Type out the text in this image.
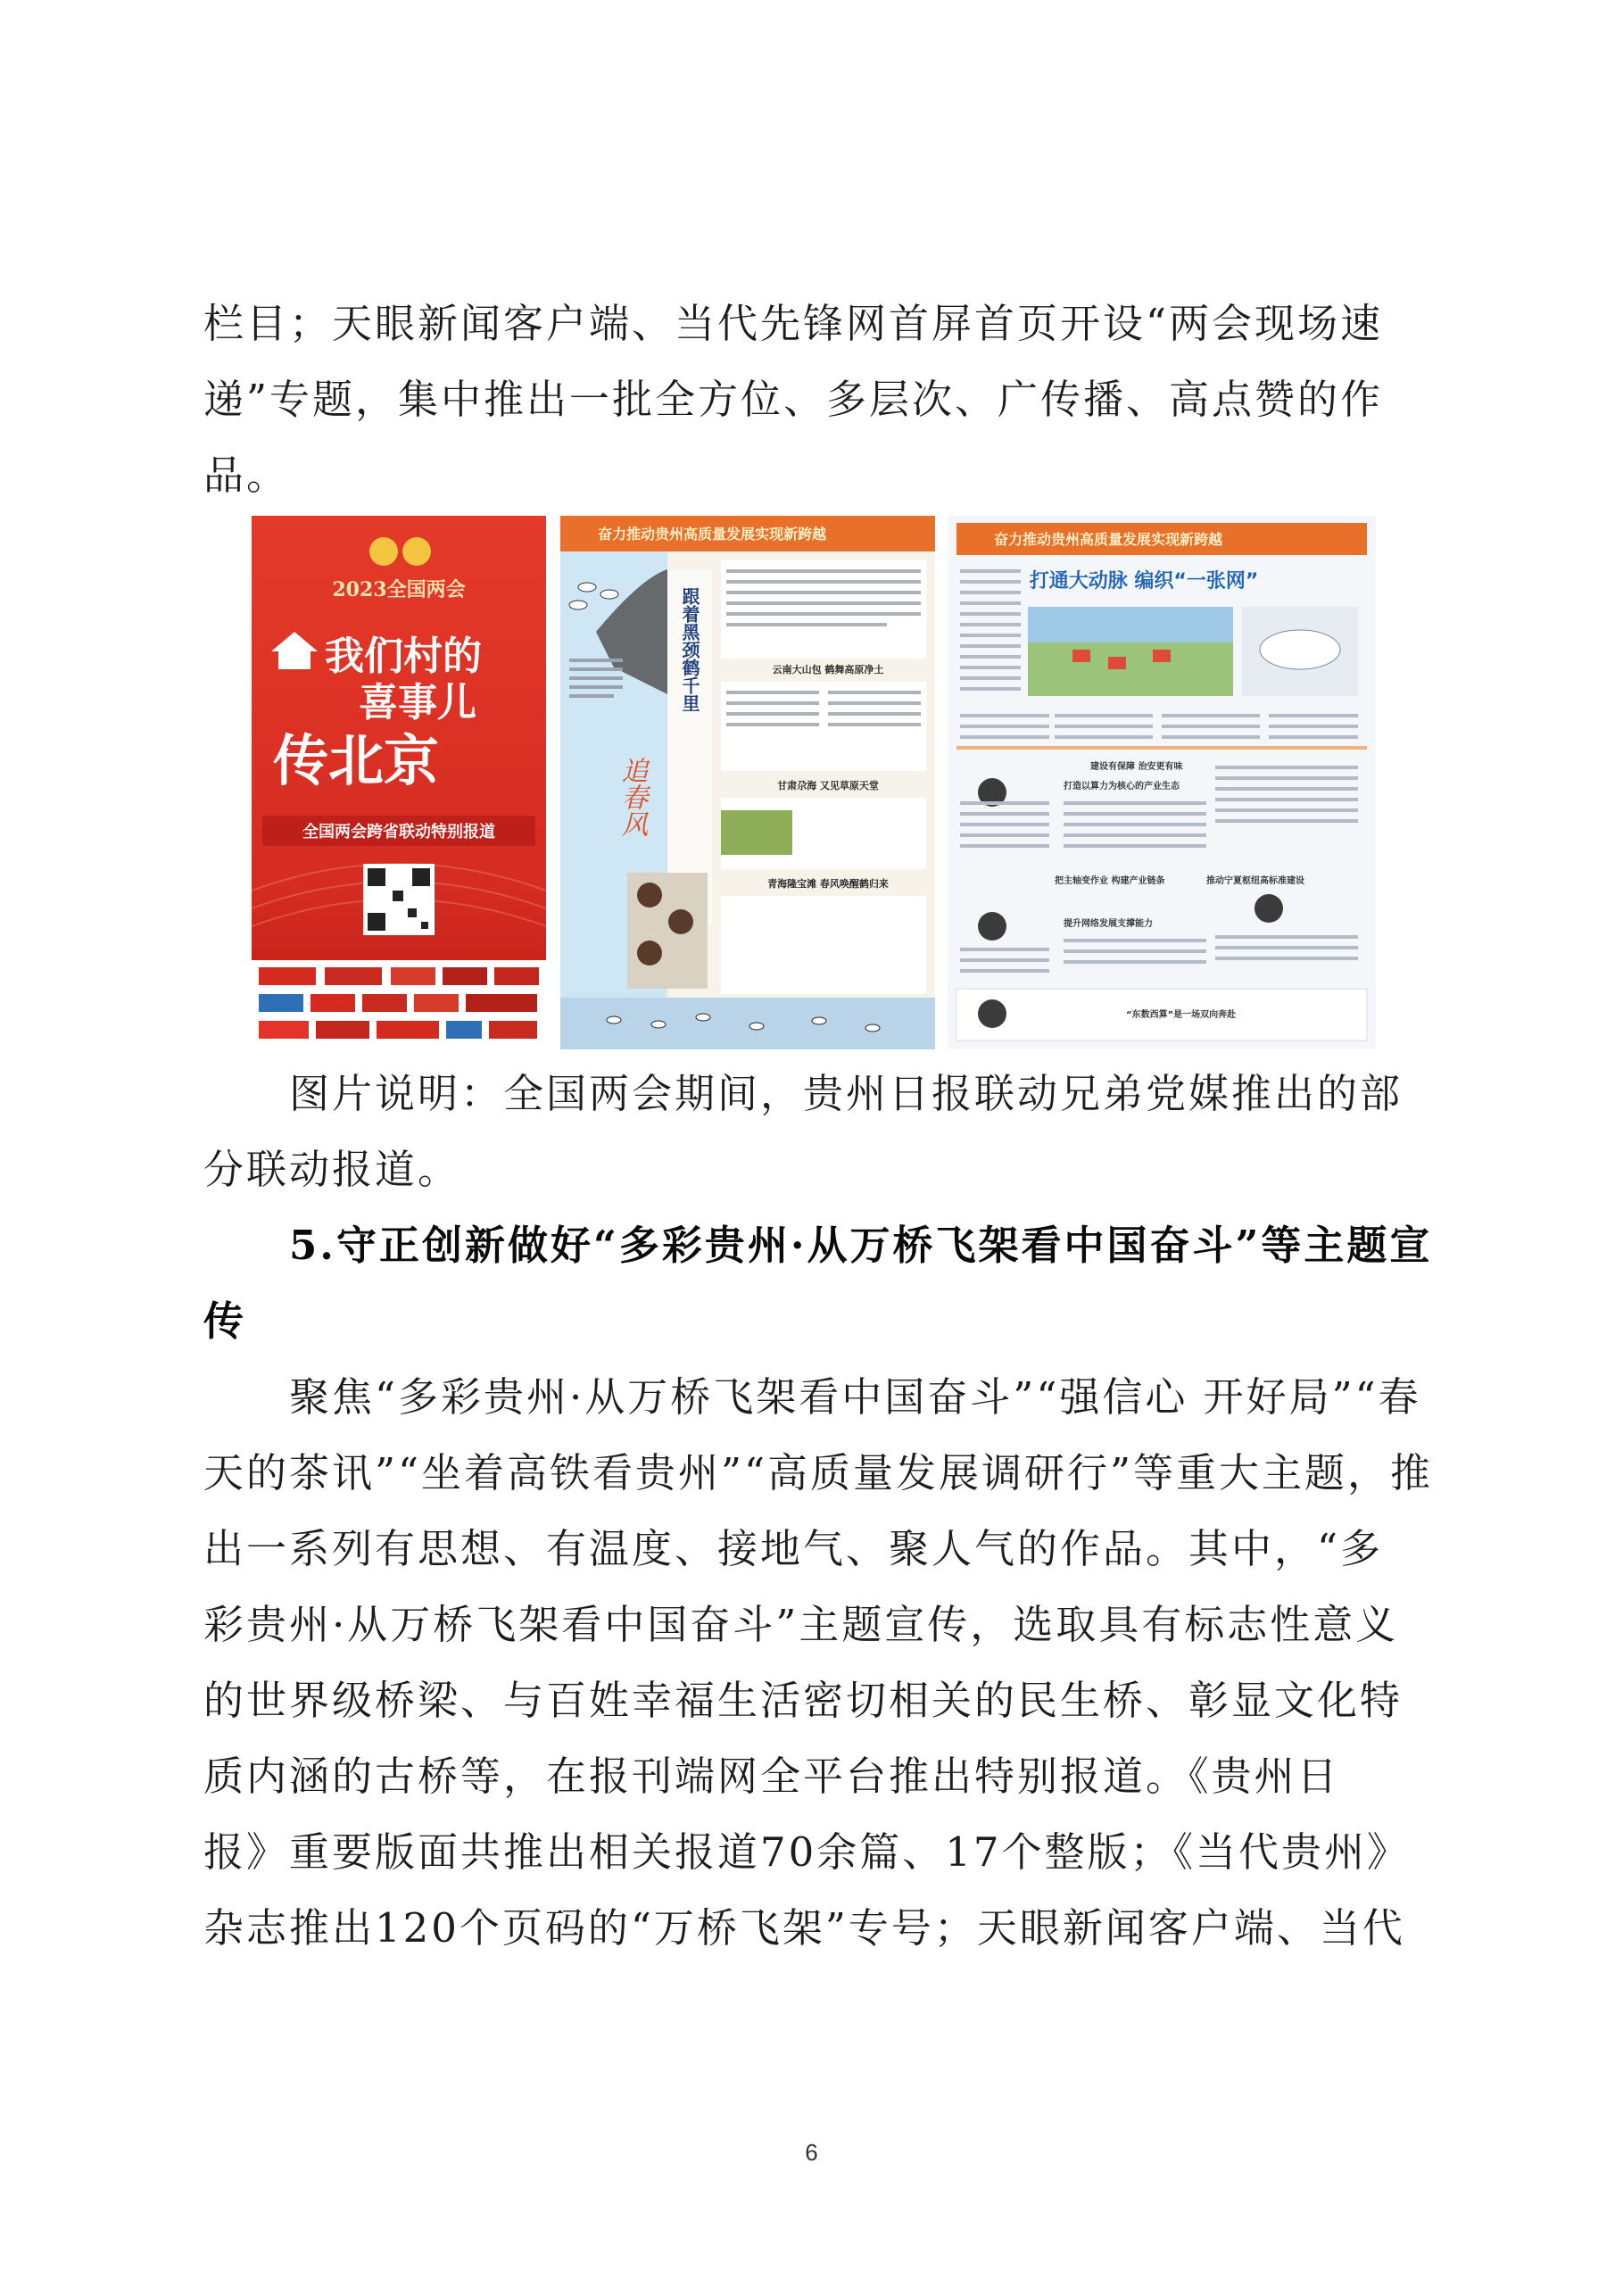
栏目；天眼新闻客户端、当代先锋网首屏首页开设“两会现场速
递”专题，集中推出一批全方位、多层次、广传播、高点赞的作
品。
2023全国两会
我们村的
喜事儿
传北京
全国两会跨省联动特别报道
奋力推动贵州高质量发展实现新跨越
跟着黑颈鹤千里
追春风
云南大山包 鹤舞高原净土
甘肃尕海 又见草原天堂
青海隆宝滩 春风唤醒鹤归来
奋力推动贵州高质量发展实现新跨越
打通大动脉 编织“一张网”
建设有保障 治安更有味
打造以算力为核心的产业生态
把主轴变作业 构建产业链条	推动宁夏枢纽高标准建设
提升网络发展支撑能力
“东数西算”是一场双向奔赴
图片说明：全国两会期间，贵州日报联动兄弟党媒推出的部
分联动报道。
5.守正创新做好“多彩贵州·从万桥飞架看中国奋斗”等主题宣
传
聚焦“多彩贵州·从万桥飞架看中国奋斗”“强信心 开好局”“春
天的茶讯”“坐着高铁看贵州”“高质量发展调研行”等重大主题，推
出一系列有思想、有温度、接地气、聚人气的作品。其中，“多
彩贵州·从万桥飞架看中国奋斗”主题宣传，选取具有标志性意义
的世界级桥梁、与百姓幸福生活密切相关的民生桥、彰显文化特
质内涵的古桥等，在报刊端网全平台推出特别报道。《贵州日
报》重要版面共推出相关报道70余篇、17个整版；《当代贵州》
杂志推出120个页码的“万桥飞架”专号；天眼新闻客户端、当代
6
